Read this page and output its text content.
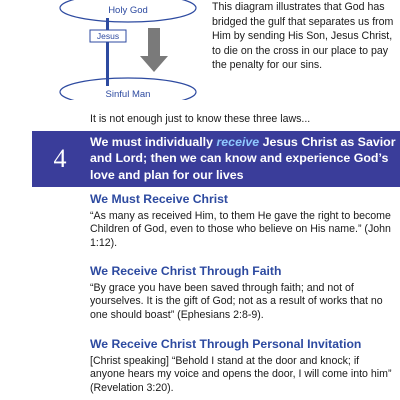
Holy God
Jesus
Sinful Man
This diagram illustrates that God has bridged the gulf that separates us from Him by sending His Son, Jesus Christ, to die on the cross in our place to pay the penalty for our sins.
It is not enough just to know these three laws...
4
We must individually receive Jesus Christ as Savior and Lord; then we can know and experience God’s love and plan for our lives
We Must Receive Christ

“As many as received Him, to them He gave the right to become Children of God, even to those who believe on His name.” (John 1:12).

We Receive Christ Through Faith

“By grace you have been saved through faith; and not of yourselves. It is the gift of God; not as a result of works that no one should boast” (Ephesians 2:8-9).

We Receive Christ Through Personal Invitation

[Christ speaking] “Behold I stand at the door and knock; if anyone hears my voice and opens the door, I will come into him” (Revelation 3:20).
